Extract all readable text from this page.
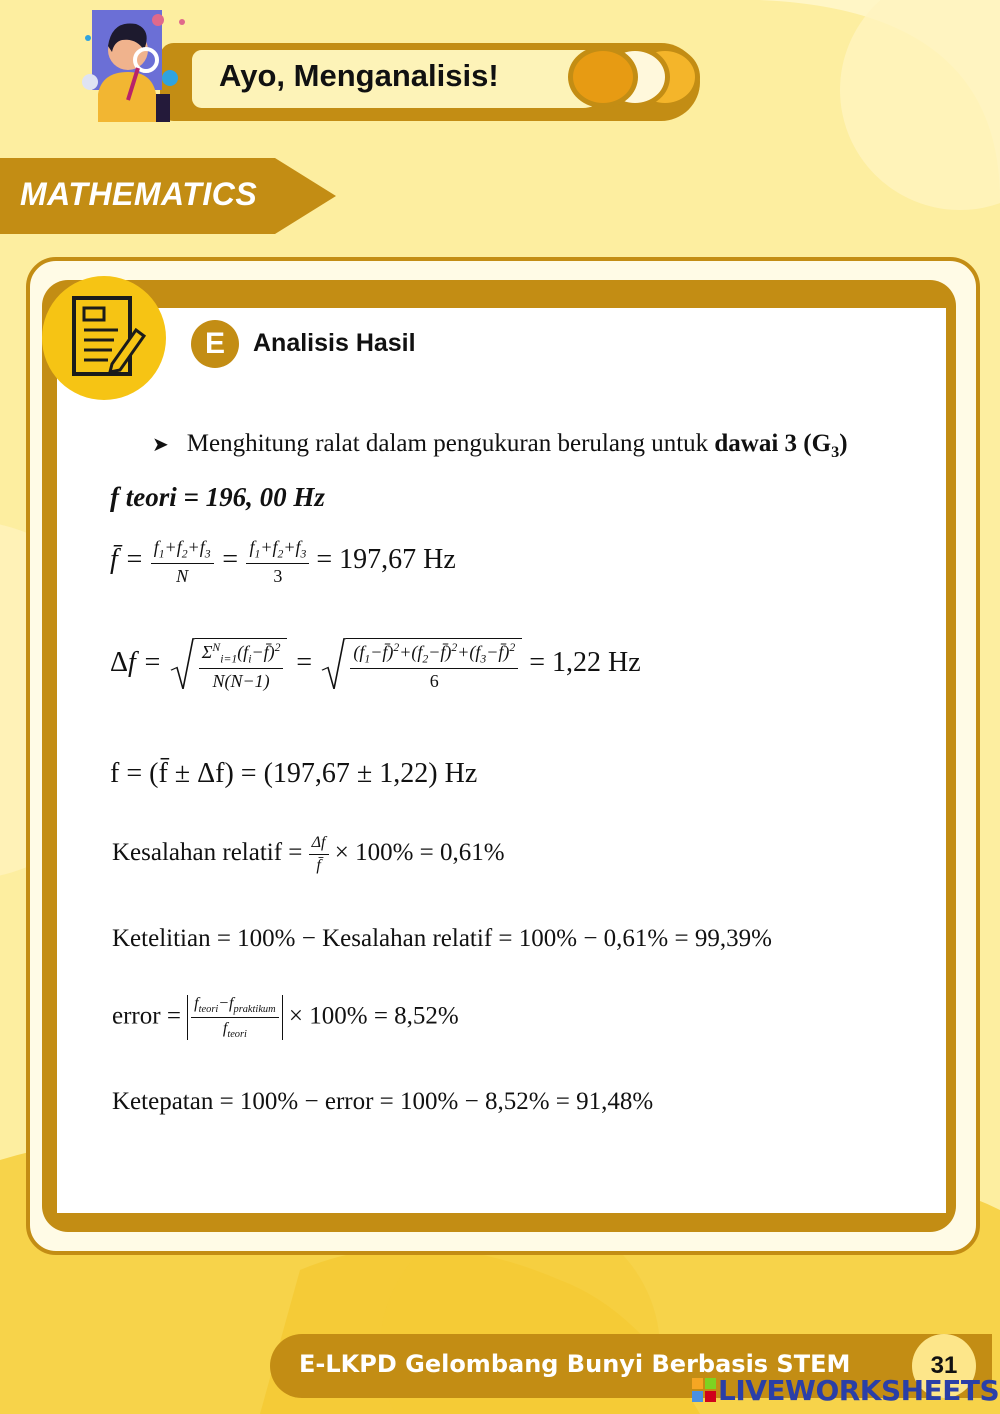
Ayo, Menganalisis!
MATHEMATICS
E	Analisis Hasil
➤ Menghitung ralat dalam pengukuran berulang untuk dawai 3 $(G_3)$
f teori = 196, 00 Hz
f̄ = $\frac{f_1+f_2+f_3}{N} = \frac{f_1+f_2+f_3}{3} = 197,67$ Hz
$\Delta f = \frac{\Sigma^N_{i=1}(f_i-f̄)^2}{N(N-1)} = \frac{(f_1-f̄)^2+(f_2-f̄)^2+(f_3-f̄)^2}{6} = 1,22$ Hz
f = (f̄ ± Δf) = (197,67 ± 1,22) Hz
Kesalahan relatif = $\frac{\Delta f}{f̄} \times 100\% = 0,61\%$
Ketelitian = 100% − Kesalahan relatif = 100% − 0,61% = 99,39%
error = $\frac{f_{teori}-f_{praktikum}}{f_{teori}} \times 100\% = 8,52\%$
Ketepatan = 100% − error = 100% − 8,52% = 91,48%
E-LKPD Gelombang Bunyi Berbasis STEM	31
LIVEWORKSHEETS
